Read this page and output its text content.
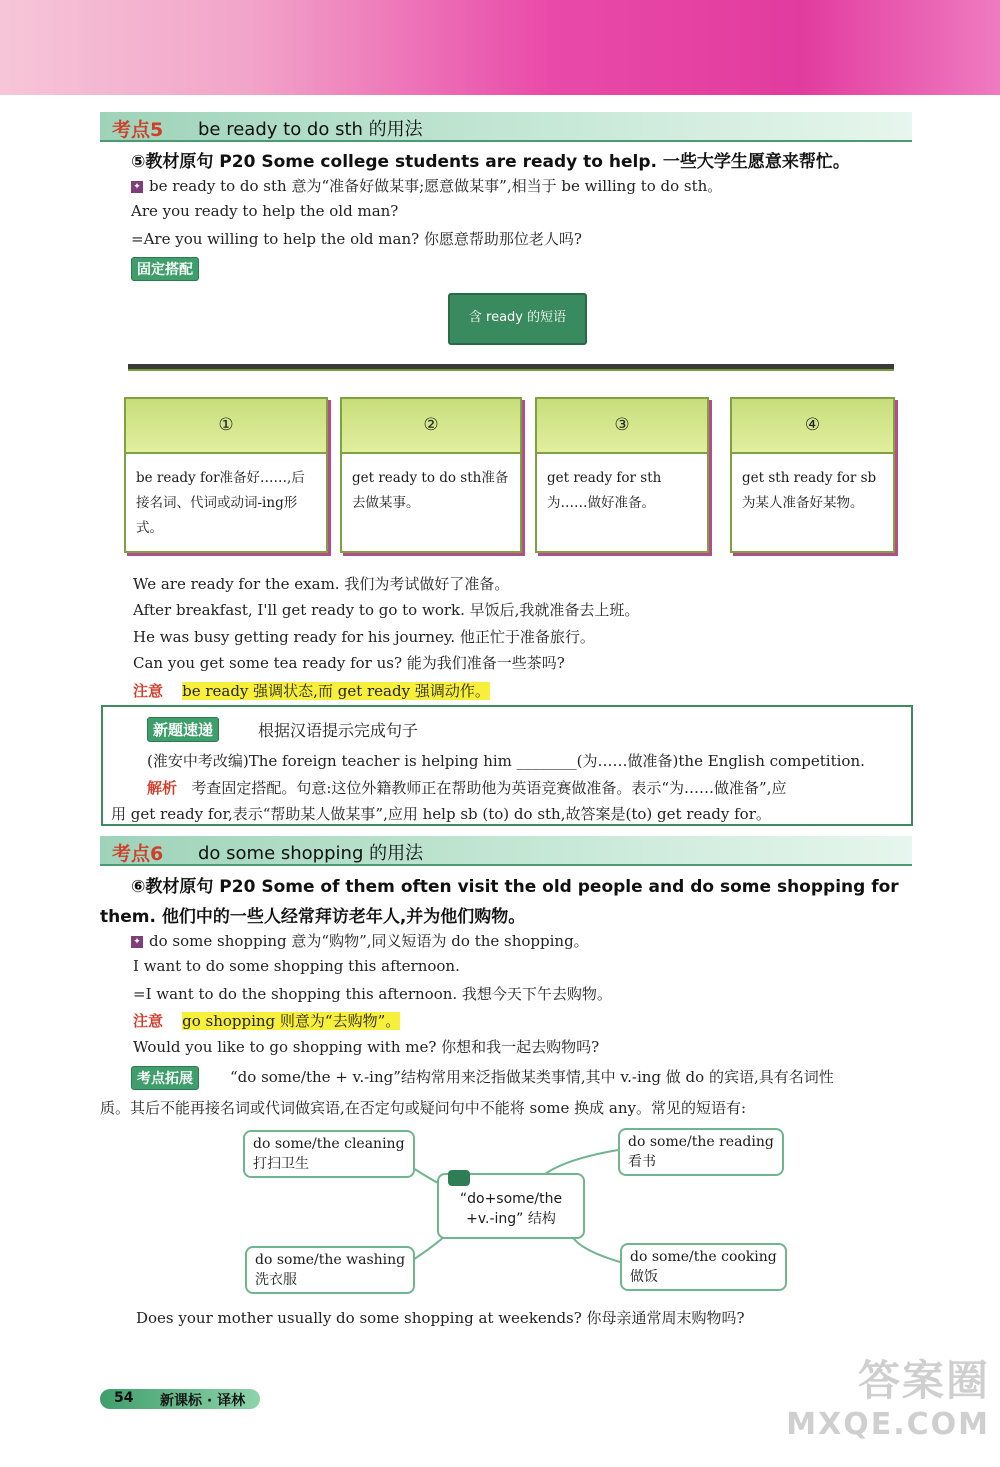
考点5 be ready to do sth 的用法
⑤教材原句 P20 Some college students are ready to help. 一些大学生愿意来帮忙。
✦ be ready to do sth 意为“准备好做某事;愿意做某事”,相当于 be willing to do sth。
Are you ready to help the old man?
=Are you willing to help the old man? 你愿意帮助那位老人吗?
固定搭配
含 ready 的短语
①
be ready for准备好……,后接名词、代词或动词-ing形式。
②
get ready to do sth准备去做某事。
③
get ready for sth为……做好准备。
④
get sth ready for sb为某人准备好某物。
We are ready for the exam. 我们为考试做好了准备。
After breakfast, I'll get ready to go to work. 早饭后,我就准备去上班。
He was busy getting ready for his journey. 他正忙于准备旅行。
Can you get some tea ready for us? 能为我们准备一些茶吗?
注意 be ready 强调状态,而 get ready 强调动作。
新题速递	根据汉语提示完成句子
(淮安中考改编)The foreign teacher is helping him ________(为……做准备)the English competition.
解析 考查固定搭配。句意:这位外籍教师正在帮助他为英语竞赛做准备。表示“为……做准备”,应
用 get ready for,表示“帮助某人做某事”,应用 help sb (to) do sth,故答案是(to) get ready for。
考点6 do some shopping 的用法
⑥教材原句 P20 Some of them often visit the old people and do some shopping for
them. 他们中的一些人经常拜访老年人,并为他们购物。
✦ do some shopping 意为“购物”,同义短语为 do the shopping。
I want to do some shopping this afternoon.
=I want to do the shopping this afternoon. 我想今天下午去购物。
注意 go shopping 则意为“去购物”。
Would you like to go shopping with me? 你想和我一起去购物吗?
考点拓展	“do some/the + v.-ing”结构常用来泛指做某类事情,其中 v.-ing 做 do 的宾语,具有名词性
质。其后不能再接名词或代词做宾语,在否定句或疑问句中不能将 some 换成 any。常见的短语有:
do some/the cleaning
打扫卫生
do some/the reading
看书
do some/the washing
洗衣服
do some/the cooking
做饭
“do+some/the
+v.-ing” 结构
Does your mother usually do some shopping at weekends? 你母亲通常周末购物吗?
54 新课标 · 译林	答案圈
MXQE.COM
